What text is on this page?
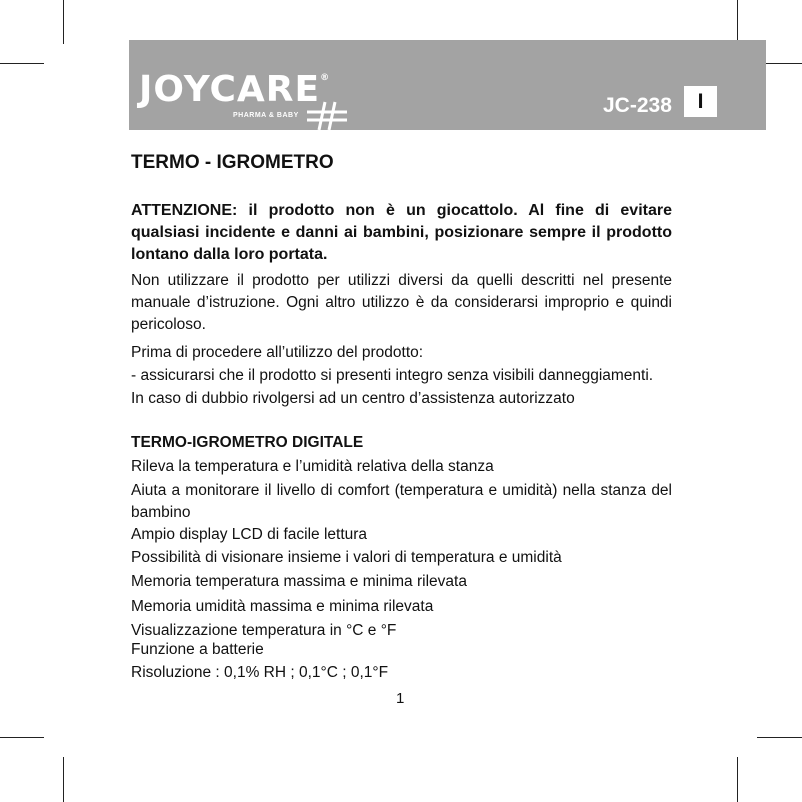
JOYCARE®
PHARMA & BABY	JC-238	I
TERMO - IGROMETRO

ATTENZIONE: il prodotto non è un giocattolo. Al fine di evitare qualsiasi incidente e danni ai bambini, posizionare sempre il prodotto lontano dalla loro portata.

Non utilizzare il prodotto per utilizzi diversi da quelli descritti nel presente manuale d’istruzione. Ogni altro utilizzo è da considerarsi improprio e quindi pericoloso.

Prima di procedere all’utilizzo del prodotto:
- assicurarsi che il prodotto si presenti integro senza visibili danneggiamenti.
In caso di dubbio rivolgersi ad un centro d’assistenza autorizzato
TERMO-IGROMETRO DIGITALE
Rileva la temperatura e l’umidità relativa della stanza

Aiuta a monitorare il livello di comfort (temperatura e umidità) nella stanza del bambino

Ampio display LCD di facile lettura
Possibilità di visionare insieme i valori di temperatura e umidità
Memoria temperatura massima e minima rilevata
Memoria umidità massima e minima rilevata
Visualizzazione temperatura in °C e °F
Funzione a batterie
Risoluzione : 0,1% RH ; 0,1°C ; 0,1°F
1
